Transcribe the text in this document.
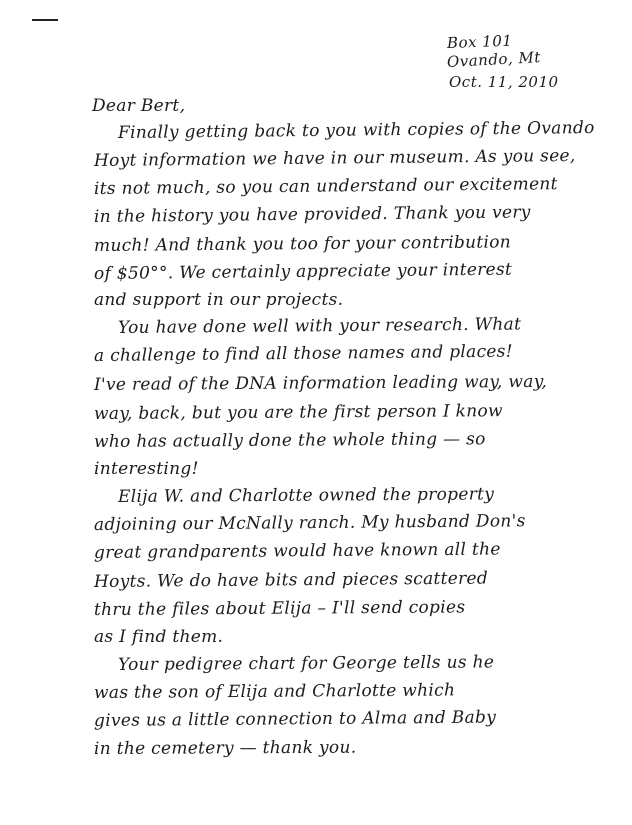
Box 101
Ovando, Mt
Oct. 11, 2010
Dear Bert,
Finally getting back to you with copies of the Ovando
Hoyt information we have in our museum. As you see,
its not much, so you can understand our excitement
in the history you have provided. Thank you very
much! And thank you too for your contribution
of $50°°. We certainly appreciate your interest
and support in our projects.
You have done well with your research. What
a challenge to find all those names and places!
I've read of the DNA information leading way, way,
way, back, but you are the first person I know
who has actually done the whole thing — so
interesting!
Elija W. and Charlotte owned the property
adjoining our McNally ranch. My husband Don's
great grandparents would have known all the
Hoyts. We do have bits and pieces scattered
thru the files about Elija – I'll send copies
as I find them.
Your pedigree chart for George tells us he
was the son of Elija and Charlotte which
gives us a little connection to Alma and Baby
in the cemetery — thank you.
